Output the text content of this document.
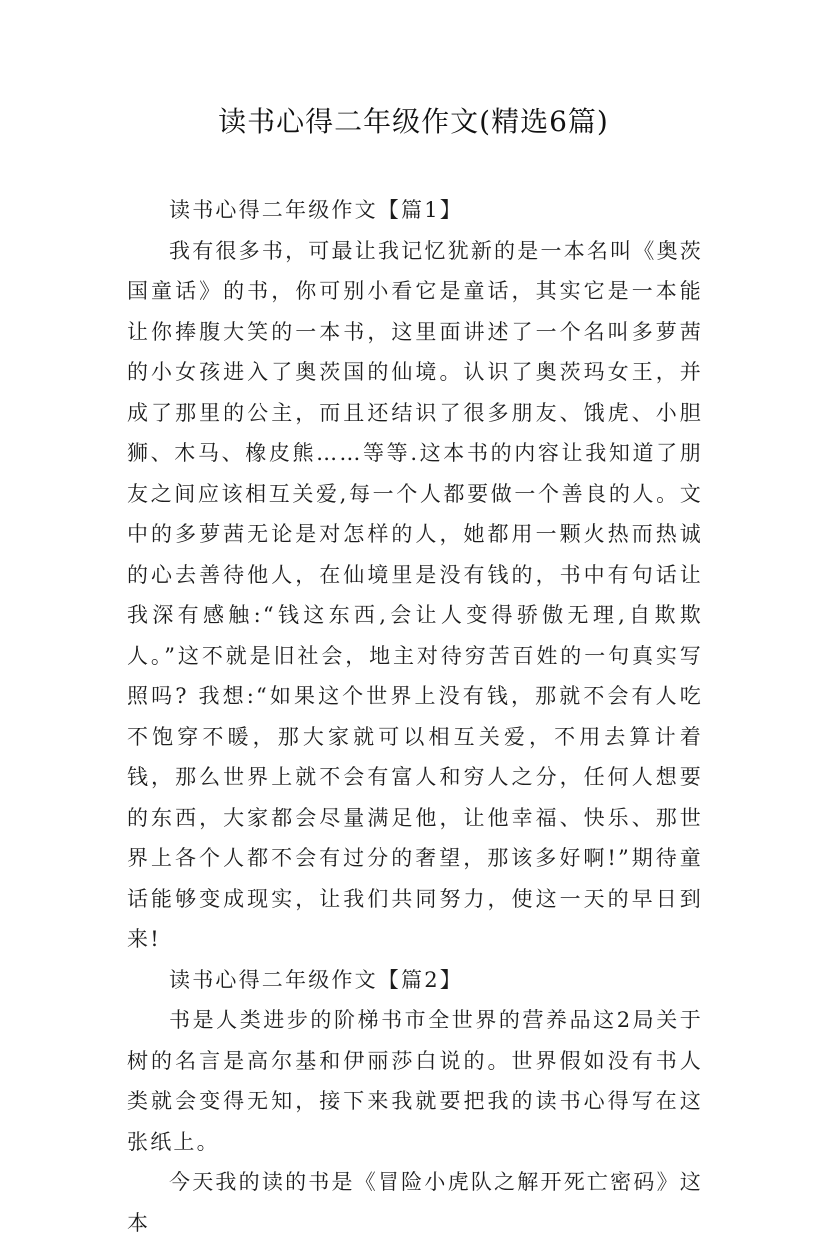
读书心得二年级作文(精选6篇)

读书心得二年级作文【篇1】

我有很多书，可最让我记忆犹新的是一本名叫《奥茨国童话》的书，你可别小看它是童话，其实它是一本能让你捧腹大笑的一本书，这里面讲述了一个名叫多萝茜的小女孩进入了奥茨国的仙境。认识了奥茨玛女王，并成了那里的公主，而且还结识了很多朋友、饿虎、小胆狮、木马、橡皮熊……等等.这本书的内容让我知道了朋友之间应该相互关爱,每一个人都要做一个善良的人。文中的多萝茜无论是对怎样的人，她都用一颗火热而热诚的心去善待他人，在仙境里是没有钱的，书中有句话让我深有感触:“钱这东西,会让人变得骄傲无理,自欺欺人。”这不就是旧社会，地主对待穷苦百姓的一句真实写照吗? 我想:“如果这个世界上没有钱，那就不会有人吃不饱穿不暖，那大家就可以相互关爱，不用去算计着钱，那么世界上就不会有富人和穷人之分，任何人想要的东西，大家都会尽量满足他，让他幸福、快乐、那世界上各个人都不会有过分的奢望，那该多好啊!”期待童话能够变成现实，让我们共同努力，使这一天的早日到来!

读书心得二年级作文【篇2】

书是人类进步的阶梯书市全世界的营养品这2局关于树的名言是高尔基和伊丽莎白说的。世界假如没有书人类就会变得无知，接下来我就要把我的读书心得写在这张纸上。

今天我的读的书是《冒险小虎队之解开死亡密码》这本
